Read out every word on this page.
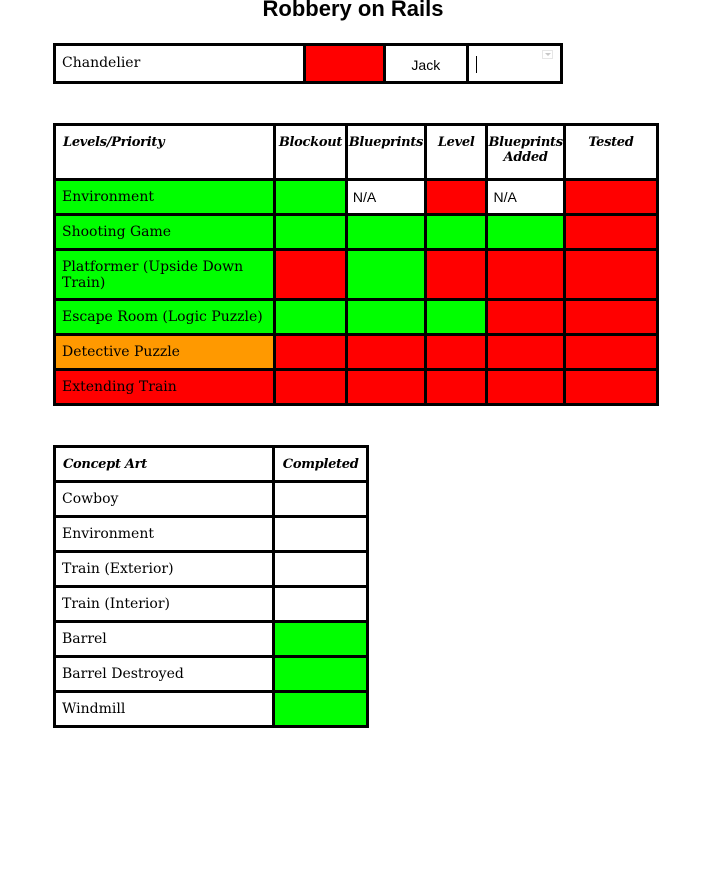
Robbery on Rails
Chandelier	Jack
Levels/Priority	Blockout	Blueprints	Level	Blueprints Added	Tested
Environment		N/A		N/A	
Shooting Game					
Platformer (Upside Down Train)					
Escape Room (Logic Puzzle)					
Detective Puzzle					
Extending Train					
Concept Art	Completed
Cowboy	
Environment	
Train (Exterior)	
Train (Interior)	
Barrel	
Barrel Destroyed	
Windmill	
